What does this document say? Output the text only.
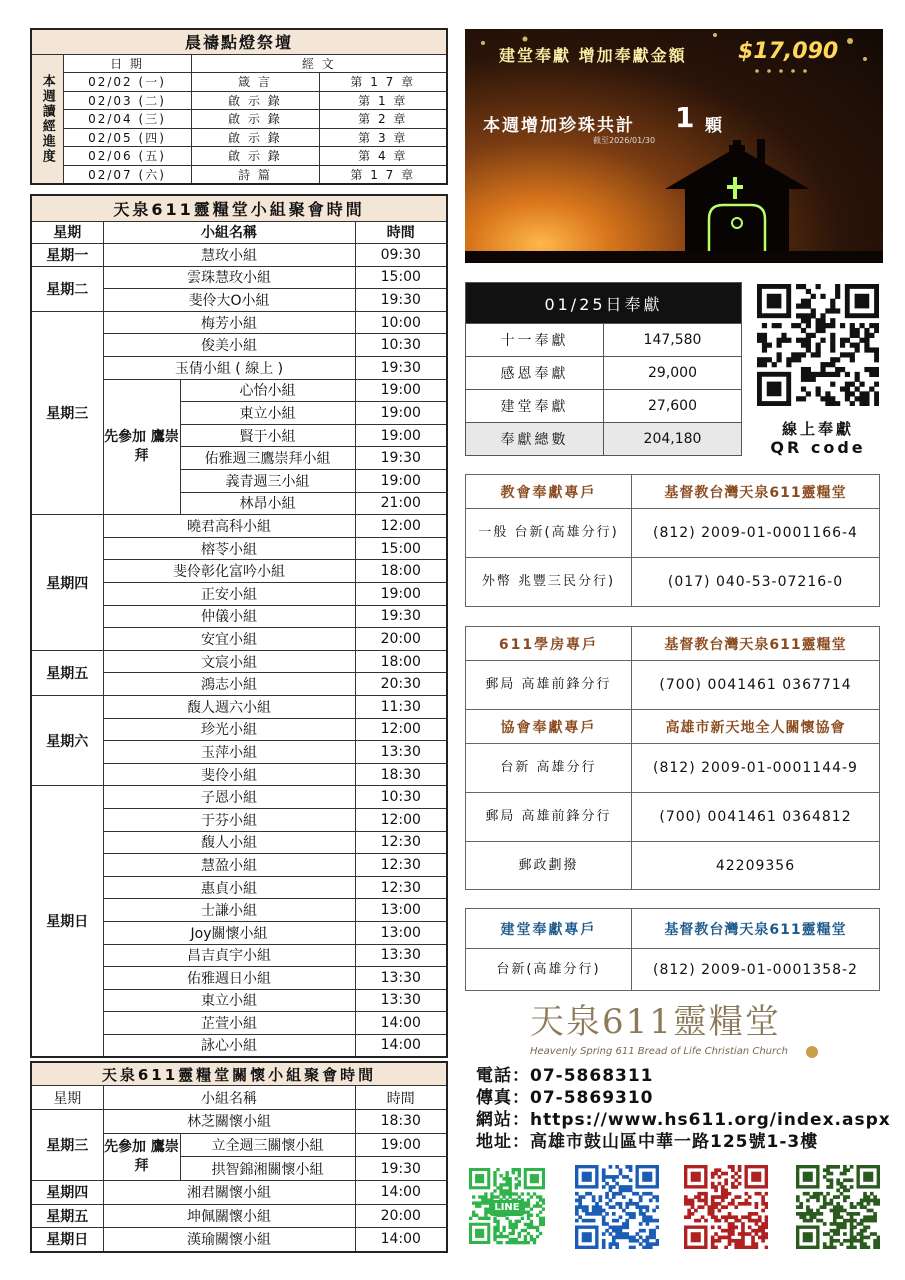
晨禱點燈祭壇			
本週讀經進度	日 期	經 文	
	02/02 (一)	箴 言	第 1 7 章
	02/03 (二)	啟 示 錄	第 1 章
	02/04 (三)	啟 示 錄	第 2 章
	02/05 (四)	啟 示 錄	第 3 章
	02/06 (五)	啟 示 錄	第 4 章
	02/07 (六)	詩 篇	第 1 7 章
天泉611靈糧堂小組聚會時間			
星期	小組名稱		時間
星期一	慧玫小組		09:30
星期二	雲珠慧玫小組		15:00
	斐伶大O小組		19:30
星期三	梅芳小組		10:00
	俊美小組		10:30
	玉倩小組 ( 線上 )		19:30
	先參加 鷹崇拜	心怡小組	19:00
		東立小組	19:00
		賢于小組	19:00
		佑雅週三鷹崇拜小組	19:30
		義青週三小組	19:00
		林昂小組	21:00
星期四	曉君高科小組		12:00
	榕苓小組		15:00
	斐伶彰化富吟小組		18:00
	正安小組		19:00
	仲儀小組		19:30
	安宜小組		20:00
星期五	文宸小組		18:00
	鴻志小組		20:30
星期六	馥人週六小組		11:30
	珍光小組		12:00
	玉萍小組		13:30
	斐伶小組		18:30
星期日	子恩小組		10:30
	于芬小組		12:00
	馥人小組		12:30
	慧盈小組		12:30
	惠貞小組		12:30
	士謙小組		13:00
	Joy關懷小組		13:00
	昌吉貞宇小組		13:30
	佑雅週日小組		13:30
	東立小組		13:30
	芷萱小組		14:00
	詠心小組		14:00
天泉611靈糧堂關懷小組聚會時間			
星期	小組名稱		時間
星期三	林芝關懷小組		18:30
	先參加 鷹崇拜	立全週三關懷小組	19:00
		拱智錦湘關懷小組	19:30
星期四	湘君關懷小組		14:00
星期五	坤佩關懷小組		20:00
星期日	漢瑜關懷小組		14:00
建堂奉獻 增加奉獻金額 $17,090
本週增加珍珠共計 1 顆
截至2026/01/30
01/25日奉獻	
十一奉獻	147,580
感恩奉獻	29,000
建堂奉獻	27,600
奉獻總數	204,180
線上奉獻
QR code
教會奉獻專戶	基督教台灣天泉611靈糧堂
一般 台新(高雄分行)	(812) 2009-01-0001166-4
外幣 兆豐三民分行)	(017) 040-53-07216-0
611學房專戶	基督教台灣天泉611靈糧堂
郵局 高雄前鋒分行	(700) 0041461 0367714
協會奉獻專戶	高雄市新天地全人關懷協會
台新 高雄分行	(812) 2009-01-0001144-9
郵局 高雄前鋒分行	(700) 0041461 0364812
郵政劃撥	42209356
建堂奉獻專戶	基督教台灣天泉611靈糧堂
台新(高雄分行)	(812) 2009-01-0001358-2
天泉611靈糧堂
Heavenly Spring 611 Bread of Life Christian Church
電話：07-5868311
傳真：07-5869310
網站：https://www.hs611.org/index.aspx
地址：高雄市鼓山區中華一路125號1-3樓
LINE
